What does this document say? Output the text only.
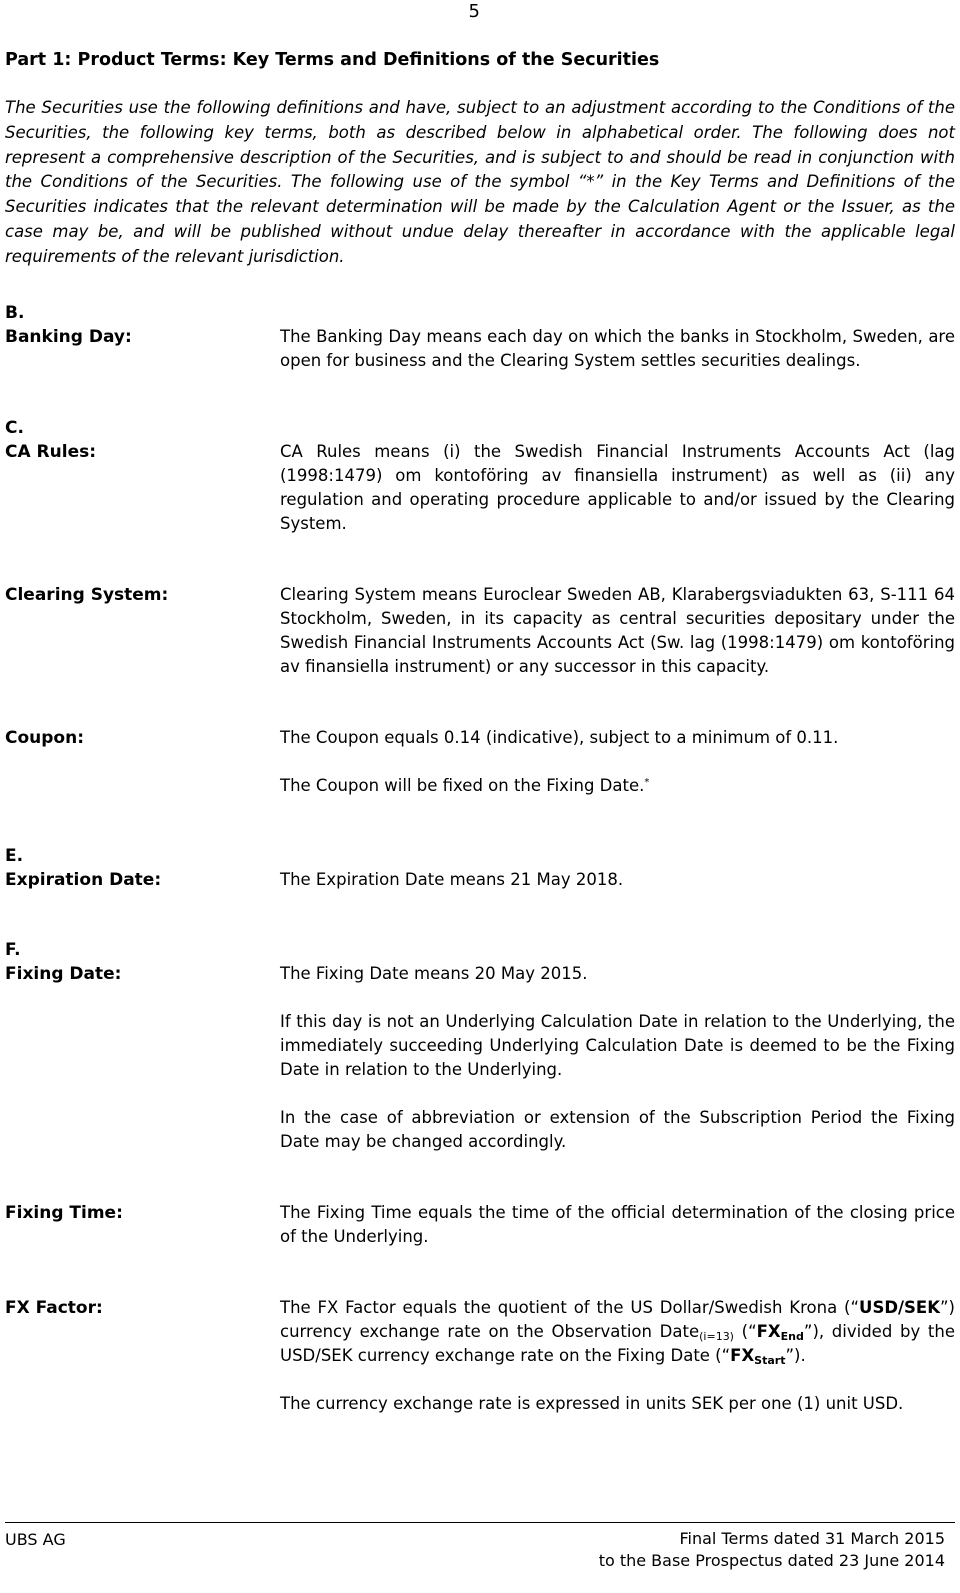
5
Part 1: Product Terms: Key Terms and Definitions of the Securities

The Securities use the following definitions and have, subject to an adjustment according to the Conditions of the Securities, the following key terms, both as described below in alphabetical order. The following does not represent a comprehensive description of the Securities, and is subject to and should be read in conjunction with the Conditions of the Securities. The following use of the symbol “*” in the Key Terms and Definitions of the Securities indicates that the relevant determination will be made by the Calculation Agent or the Issuer, as the case may be, and will be published without undue delay thereafter in accordance with the applicable legal requirements of the relevant jurisdiction.

B.
Banking Day:	The Banking Day means each day on which the banks in Stockholm, Sweden, are open for business and the Clearing System settles securities dealings.

C.
CA Rules:	CA Rules means (i) the Swedish Financial Instruments Accounts Act (lag (1998:1479) om kontoföring av finansiella instrument) as well as (ii) any regulation and operating procedure applicable to and/or issued by the Clearing System.

Clearing System:	Clearing System means Euroclear Sweden AB, Klarabergsviadukten 63, S-111 64 Stockholm, Sweden, in its capacity as central securities depositary under the Swedish Financial Instruments Accounts Act (Sw. lag (1998:1479) om kontoföring av finansiella instrument) or any successor in this capacity.

Coupon:	The Coupon equals 0.14 (indicative), subject to a minimum of 0.11.

The Coupon will be fixed on the Fixing Date.*

E.
Expiration Date:	The Expiration Date means 21 May 2018.

F.
Fixing Date:	The Fixing Date means 20 May 2015.

If this day is not an Underlying Calculation Date in relation to the Underlying, the immediately succeeding Underlying Calculation Date is deemed to be the Fixing Date in relation to the Underlying.

In the case of abbreviation or extension of the Subscription Period the Fixing Date may be changed accordingly.

Fixing Time:	The Fixing Time equals the time of the official determination of the closing price of the Underlying.

FX Factor:	The FX Factor equals the quotient of the US Dollar/Swedish Krona (“USD/SEK”) currency exchange rate on the Observation Date$_{(i=13)}$ $(“FX_{End}”)$, divided by the USD/SEK currency exchange rate on the Fixing Date $(“FX_{Start}”)$.

The currency exchange rate is expressed in units SEK per one (1) unit USD.

UBS AG	Final Terms dated 31 March 2015
to the Base Prospectus dated 23 June 2014
